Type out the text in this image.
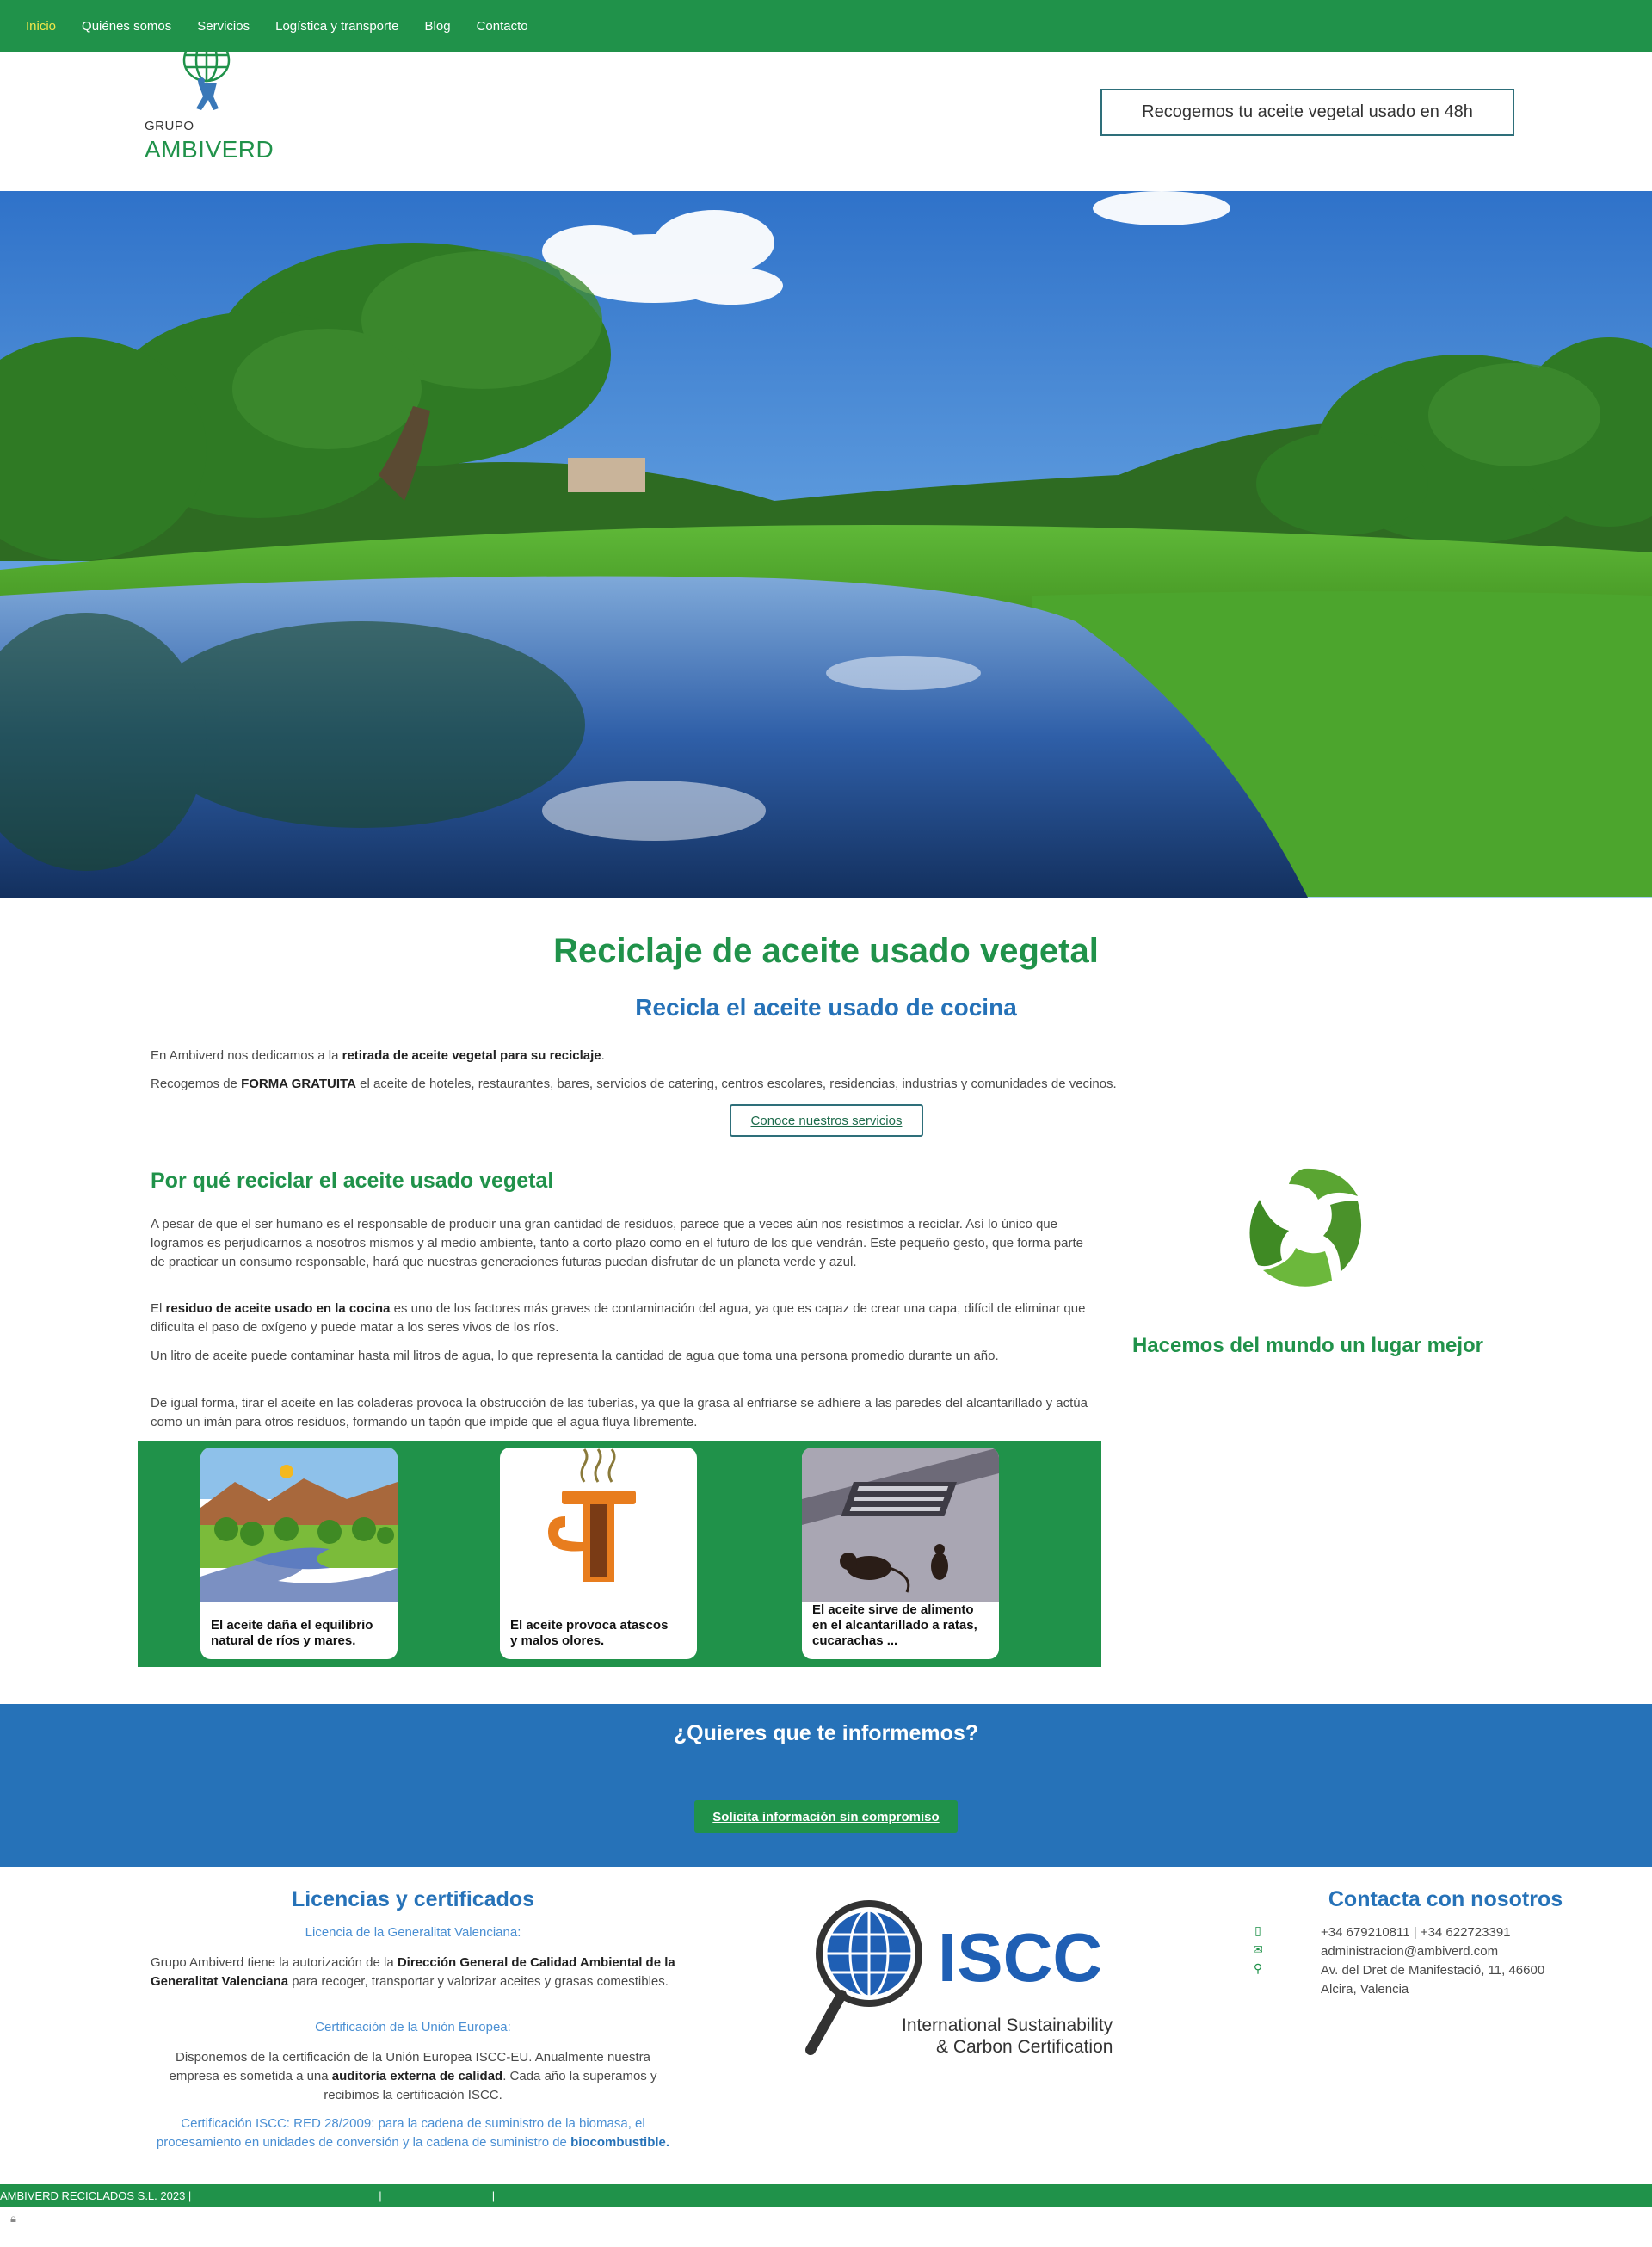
Inicio Quiénes somos Servicios Logística y transporte Blog Contacto
GRUPO
AMBIVERD
Recogemos tu aceite vegetal usado en 48h
Reciclaje de aceite usado vegetal
Recicla el aceite usado de cocina

En Ambiverd nos dedicamos a la retirada de aceite vegetal para su reciclaje.

Recogemos de FORMA GRATUITA el aceite de hoteles, restaurantes, bares, servicios de catering, centros escolares, residencias, industrias y comunidades de vecinos.

Conoce nuestros servicios
Por qué reciclar el aceite usado vegetal

A pesar de que el ser humano es el responsable de producir una gran cantidad de residuos, parece que a veces aún nos resistimos a reciclar. Así lo único que logramos es perjudicarnos a nosotros mismos y al medio ambiente, tanto a corto plazo como en el futuro de los que vendrán. Este pequeño gesto, que forma parte de practicar un consumo responsable, hará que nuestras generaciones futuras puedan disfrutar de un planeta verde y azul.

El residuo de aceite usado en la cocina es uno de los factores más graves de contaminación del agua, ya que es capaz de crear una capa, difícil de eliminar que dificulta el paso de oxígeno y puede matar a los seres vivos de los ríos.

Un litro de aceite puede contaminar hasta mil litros de agua, lo que representa la cantidad de agua que toma una persona promedio durante un año.

De igual forma, tirar el aceite en las coladeras provoca la obstrucción de las tuberías, ya que la grasa al enfriarse se adhiere a las paredes del alcantarillado y actúa como un imán para otros residuos, formando un tapón que impide que el agua fluya libremente.

Hacemos del mundo un lugar mejor
El aceite daña el equilibrio
natural de ríos y mares.
El aceite provoca atascos
y malos olores.
El aceite sirve de alimento
en el alcantarillado a ratas,
cucarachas ...
¿Quieres que te informemos?
Solicita información sin compromiso
Licencias y certificados
Licencia de la Generalitat Valenciana:

Grupo Ambiverd tiene la autorización de la Dirección General de Calidad Ambiental de la Generalitat Valenciana para recoger, transportar y valorizar aceites y grasas comestibles.

Certificación de la Unión Europea:

Disponemos de la certificación de la Unión Europea ISCC-EU. Anualmente nuestra empresa es sometida a una auditoría externa de calidad. Cada año la superamos y recibimos la certificación ISCC.

Certificación ISCC: RED 28/2009: para la cadena de suministro de la biomasa, el procesamiento en unidades de conversión y la cadena de suministro de biocombustible.

ISCC
International Sustainability
& Carbon Certification
Contacta con nosotros
▯
✉
⚲
+34 679210811 | +34 622723391
administracion@ambiverd.com
Av. del Dret de Manifestació, 11, 46600
Alcira, Valencia
AMBIVERD RECICLADOS S.L. 2023 |	|	|
🔒︎
